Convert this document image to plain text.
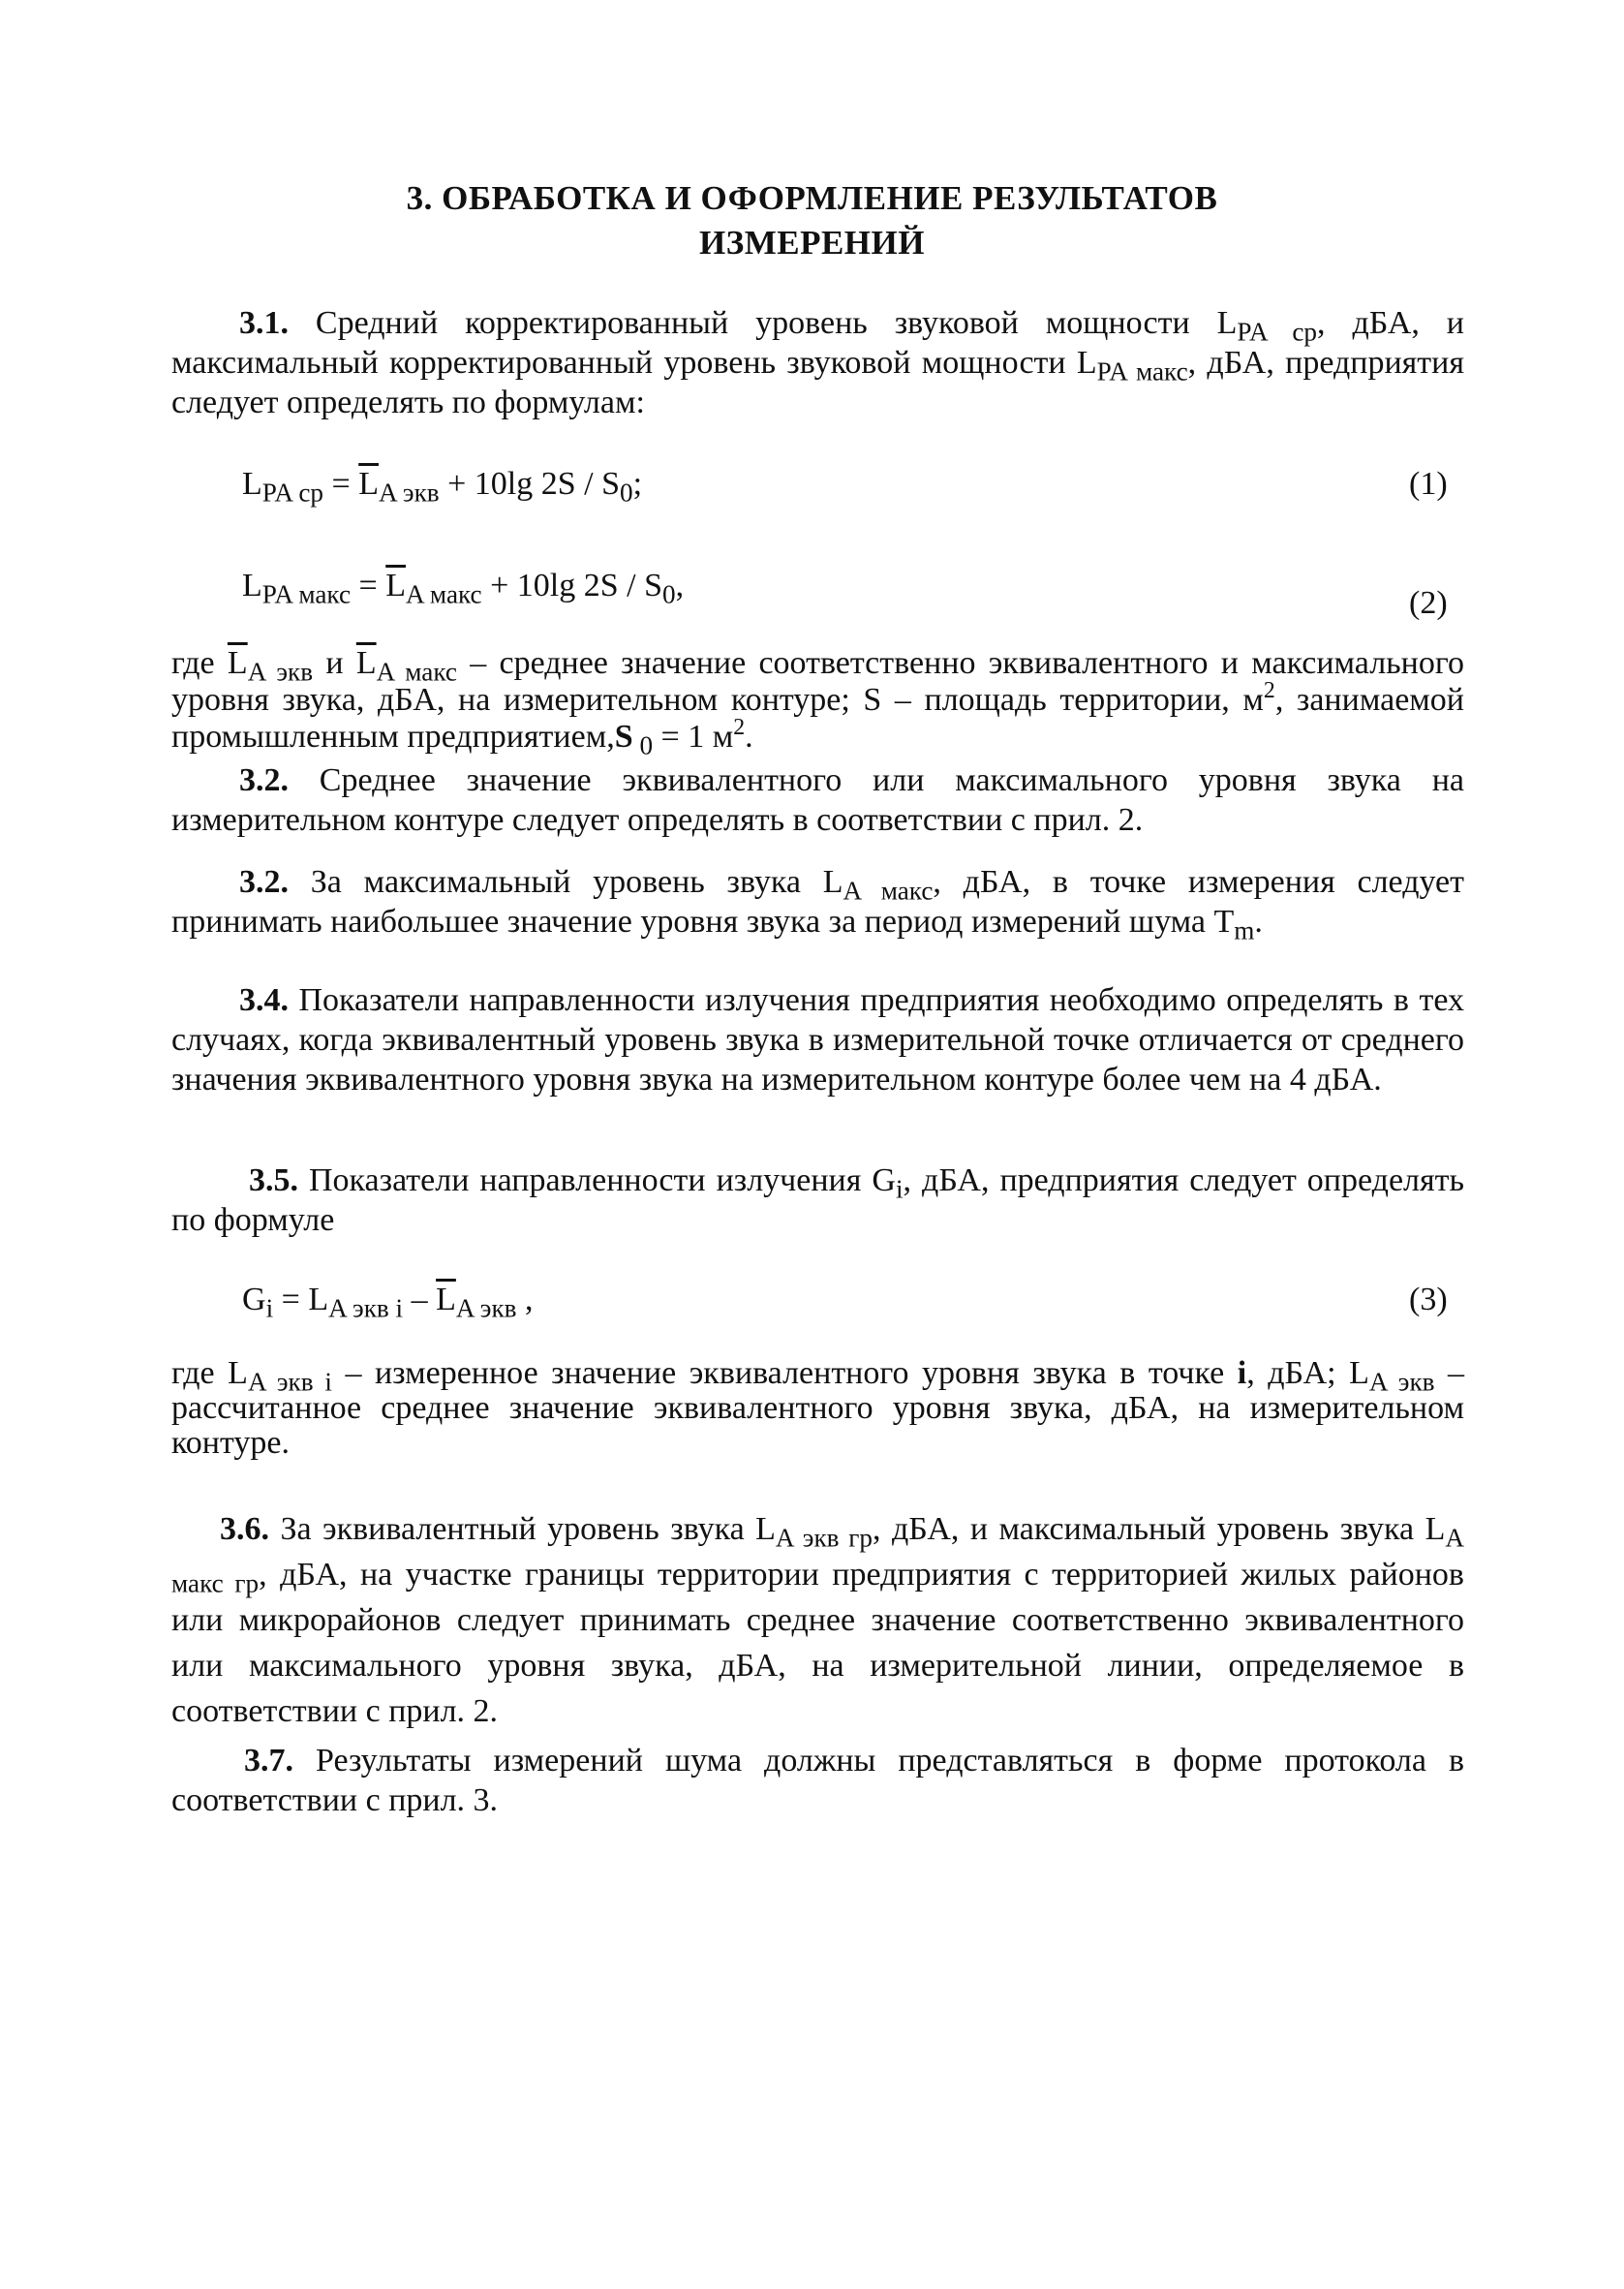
3. ОБРАБОТКА И ОФОРМЛЕНИЕ РЕЗУЛЬТАТОВ
ИЗМЕРЕНИЙ
3.1. Средний корректированный уровень звуковой мощности $L_{PA ср}$, дБА, и максимальный корректированный уровень звуковой мощности $L_{PA макс}$, дБА, предприятия следует определять по формулам:
$L_{PA ср} = \overline{L}_{A экв} + 10\lg$ $2S / S_0$;	(1)
$L_{PA макс} = \overline{L}_{A макс} + 10\lg$ $2S / S_0$,	(2)
где $\overline{L}_{A экв}$ и $\overline{L}_{A макс}$ – среднее значение соответственно эквивалентного и максимального уровня звука, дБА, на измерительном контуре; S – площадь территории, $м^2$, занимаемой промышленным предприятием,S $_0$ = 1 $м^2$.
3.2. Среднее значение эквивалентного или максимального уровня звука на измерительном контуре следует определять в соответствии с прил. 2.
3.2. За максимальный уровень звука $L_{A макс}$, дБА, в точке измерения следует принимать наибольшее значение уровня звука за период измерений шума $T_m$.
3.4. Показатели направленности излучения предприятия необходимо определять в тех случаях, когда эквивалентный уровень звука в измерительной точке отличается от среднего значения эквивалентного уровня звука на измерительном контуре более чем на 4 дБА.
3.5. Показатели направленности излучения $G_i$, дБА, предприятия следует определять по формуле
$G_i = L_{A экв i} - \overline{L}_{A экв}$ ,	(3)
где $L_{A экв i}$ – измеренное значение эквивалентного уровня звука в точке i, дБА; $L_{A экв}$ – рассчитанное среднее значение эквивалентного уровня звука, дБА, на измерительном контуре.
3.6. За эквивалентный уровень звука $L_{A экв гр}$, дБА, и максимальный уровень звука $L_{A макс гр}$, дБА, на участке границы территории предприятия с территорией жилых районов или микрорайонов следует принимать среднее значение соответственно эквивалентного или максимального уровня звука, дБА, на измерительной линии, определяемое в соответствии с прил. 2.
3.7. Результаты измерений шума должны представляться в форме протокола в соответствии с прил. 3.
